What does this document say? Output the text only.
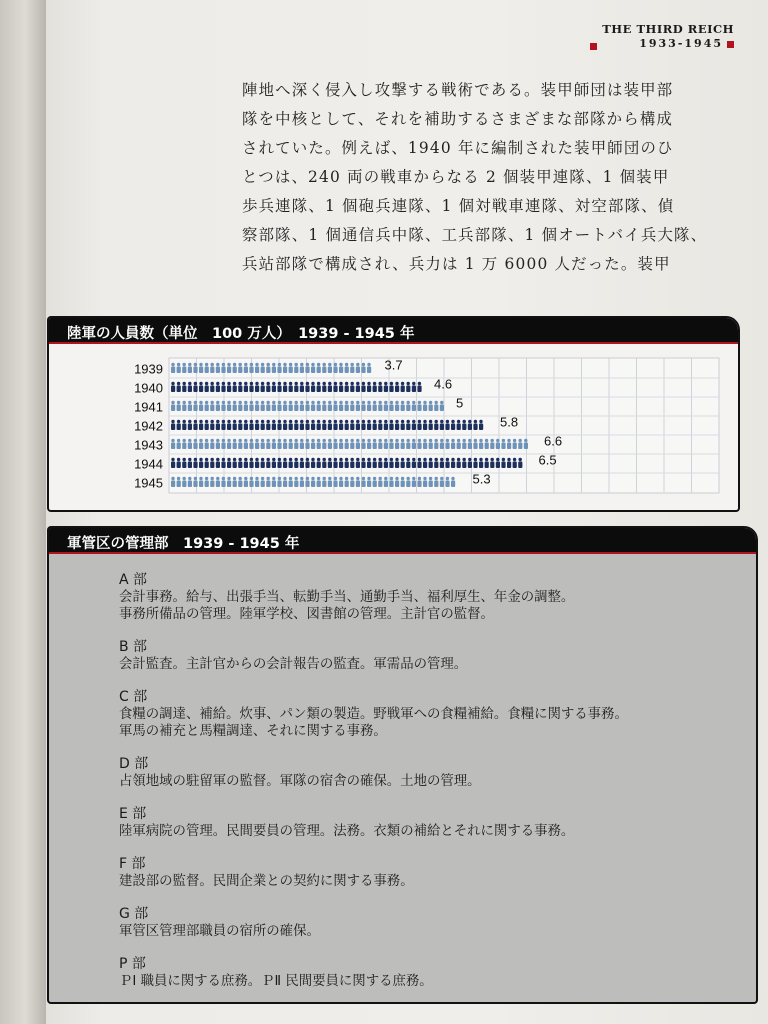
THE THIRD REICH
1933-1945
陣地へ深く侵入し攻撃する戦術である。装甲師団は装甲部
隊を中核として、それを補助するさまざまな部隊から構成
されていた。例えば、1940 年に編制された装甲師団のひ
とつは、240 両の戦車からなる 2 個装甲連隊、1 個装甲
歩兵連隊、1 個砲兵連隊、1 個対戦車連隊、対空部隊、偵
察部隊、1 個通信兵中隊、工兵部隊、1 個オートバイ兵大隊、
兵站部隊で構成され、兵力は 1 万 6000 人だった。装甲
陸軍の人員数（単位　100 万人）　1939 - 1945 年
1939	3.7
1940	4.6
1941	5
1942	5.8
1943	6.6
1944	6.5
1945	5.3
軍管区の管理部　1939 - 1945 年
A 部
会計事務。給与、出張手当、転勤手当、通勤手当、福利厚生、年金の調整。
事務所備品の管理。陸軍学校、図書館の管理。主計官の監督。
B 部
会計監査。主計官からの会計報告の監査。軍需品の管理。
C 部
食糧の調達、補給。炊事、パン類の製造。野戦軍への食糧補給。食糧に関する事務。
軍馬の補充と馬糧調達、それに関する事務。
D 部
占領地域の駐留軍の監督。軍隊の宿舎の確保。土地の管理。
E 部
陸軍病院の管理。民間要員の管理。法務。衣類の補給とそれに関する事務。
F 部
建設部の監督。民間企業との契約に関する事務。
G 部
軍管区管理部職員の宿所の確保。
P 部
ＰⅠ 職員に関する庶務。ＰⅡ 民間要員に関する庶務。
